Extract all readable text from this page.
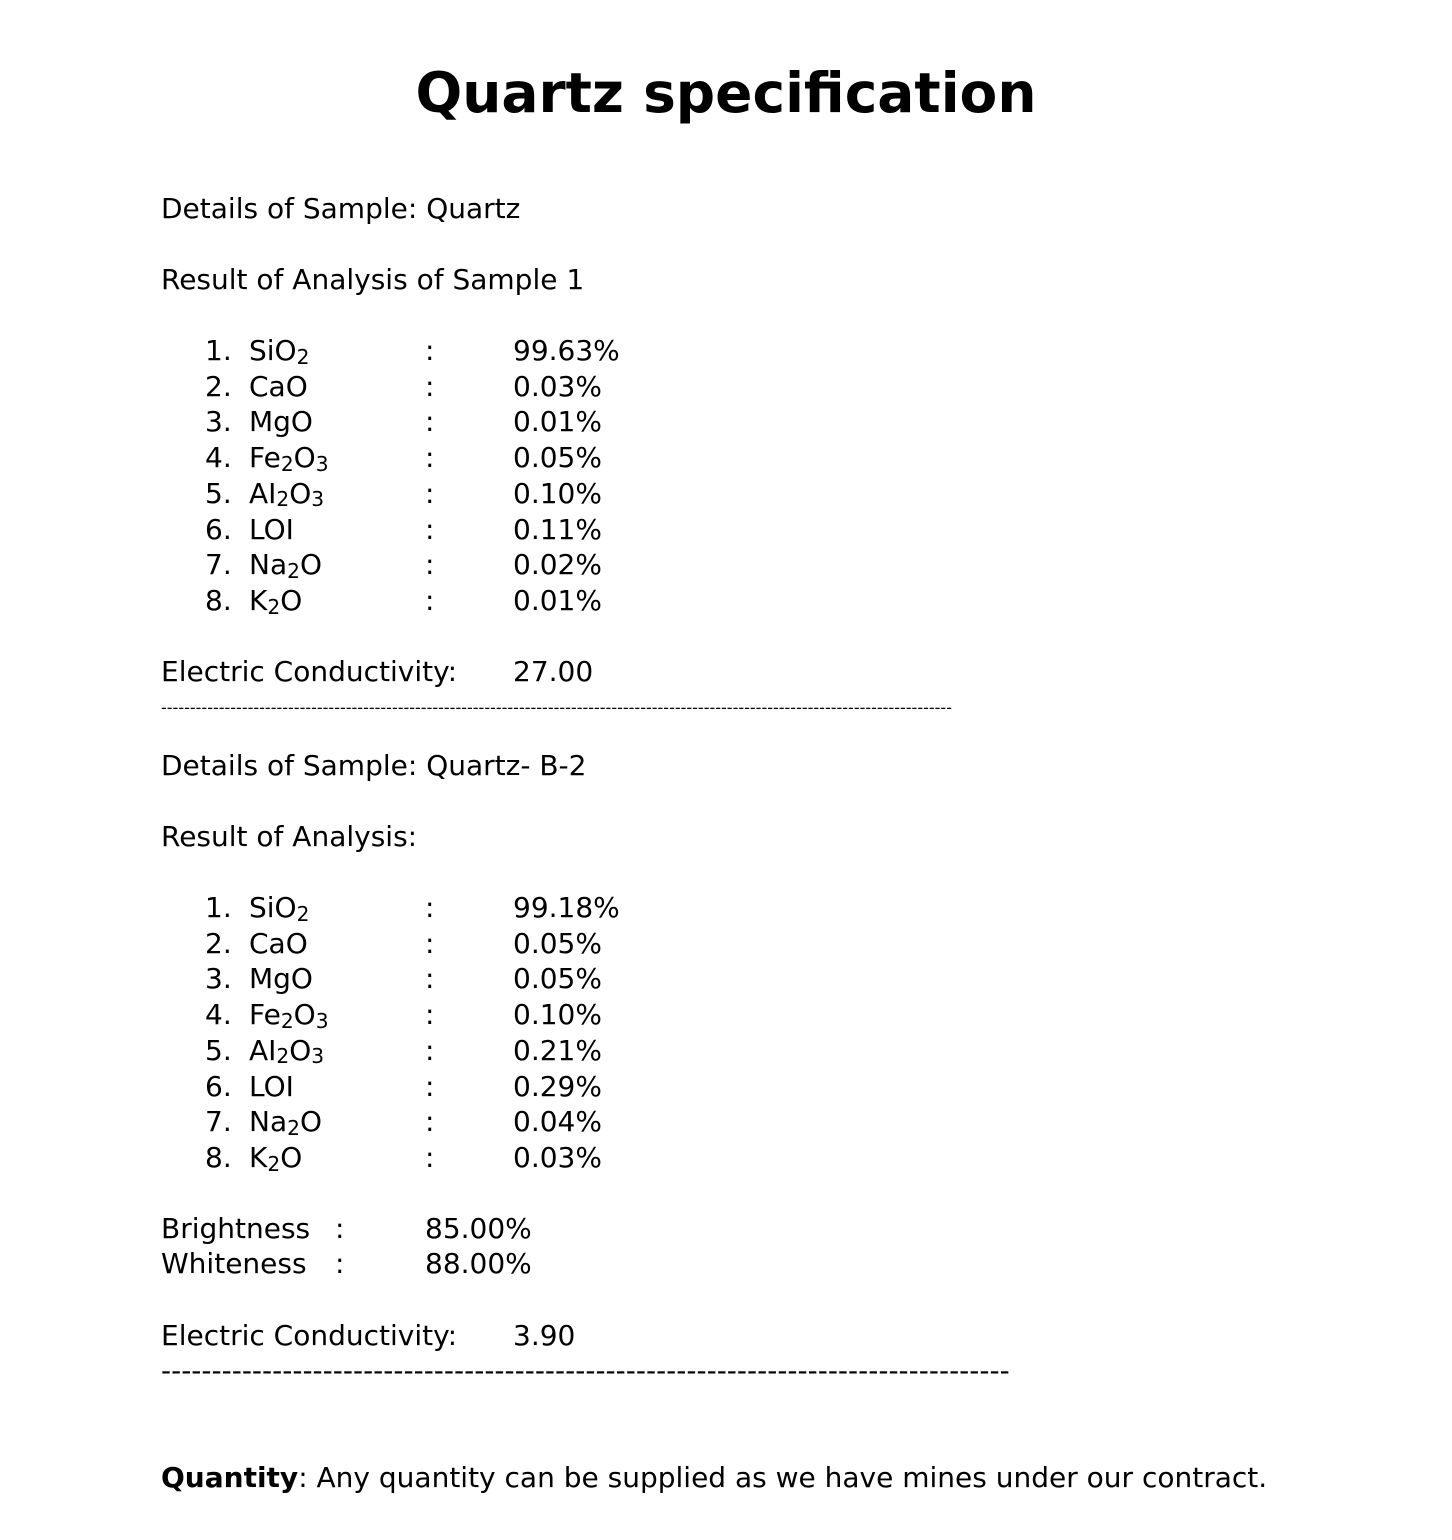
Quartz specification
Details of Sample: Quartz
Result of Analysis of Sample 1
1. SiO2	:	99.63%
2. CaO	:	0.03%
3. MgO	:	0.01%
4. Fe2O3	:	0.05%
5. AI2O3	:	0.10%
6. LOI	:	0.11%
7. Na2O	:	0.02%
8. K2O	:	0.01%
Electric Conductivity: 27.00
-----------------------------------------------------------------------------------------------------------------------------------------
Details of Sample: Quartz- B-2
Result of Analysis:
1. SiO2	:	99.18%
2. CaO	:	0.05%
3. MgO	:	0.05%
4. Fe2O3	:	0.10%
5. AI2O3	:	0.21%
6. LOI	:	0.29%
7. Na2O	:	0.04%
8. K2O	:	0.03%
Brightness :	85.00%
Whiteness :	88.00%
Electric Conductivity: 3.90
------------------------------------------------------------------------------------
Quantity: Any quantity can be supplied as we have mines under our contract.
